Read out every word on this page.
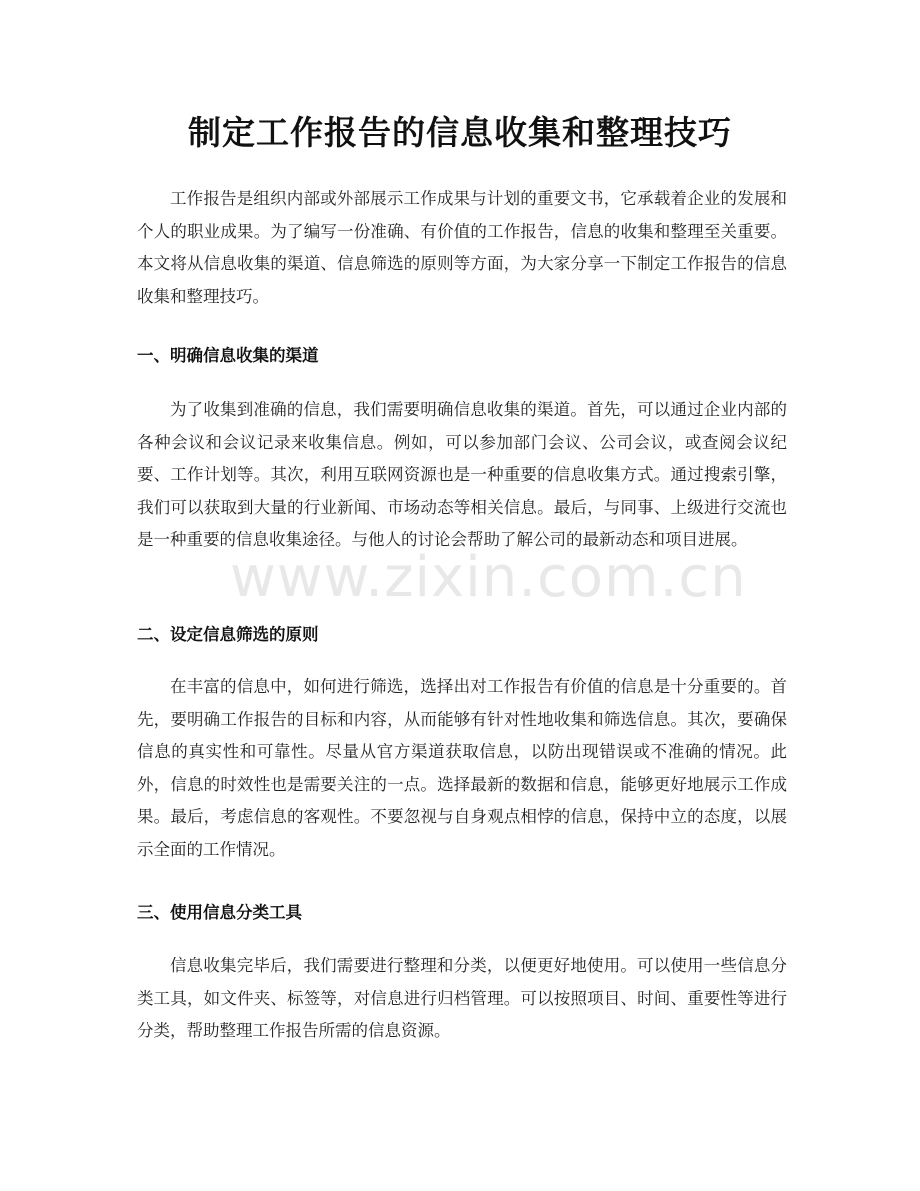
制定工作报告的信息收集和整理技巧

工作报告是组织内部或外部展示工作成果与计划的重要文书，它承载着企业的发展和个人的职业成果。为了编写一份准确、有价值的工作报告，信息的收集和整理至关重要。本文将从信息收集的渠道、信息筛选的原则等方面，为大家分享一下制定工作报告的信息收集和整理技巧。

一、明确信息收集的渠道

为了收集到准确的信息，我们需要明确信息收集的渠道。首先，可以通过企业内部的各种会议和会议记录来收集信息。例如，可以参加部门会议、公司会议，或查阅会议纪要、工作计划等。其次，利用互联网资源也是一种重要的信息收集方式。通过搜索引擎，我们可以获取到大量的行业新闻、市场动态等相关信息。最后，与同事、上级进行交流也是一种重要的信息收集途径。与他人的讨论会帮助了解公司的最新动态和项目进展。

二、设定信息筛选的原则

在丰富的信息中，如何进行筛选，选择出对工作报告有价值的信息是十分重要的。首先，要明确工作报告的目标和内容，从而能够有针对性地收集和筛选信息。其次，要确保信息的真实性和可靠性。尽量从官方渠道获取信息，以防出现错误或不准确的情况。此外，信息的时效性也是需要关注的一点。选择最新的数据和信息，能够更好地展示工作成果。最后，考虑信息的客观性。不要忽视与自身观点相悖的信息，保持中立的态度，以展示全面的工作情况。

三、使用信息分类工具

信息收集完毕后，我们需要进行整理和分类，以便更好地使用。可以使用一些信息分类工具，如文件夹、标签等，对信息进行归档管理。可以按照项目、时间、重要性等进行分类，帮助整理工作报告所需的信息资源。

www.zixin.com.cn
